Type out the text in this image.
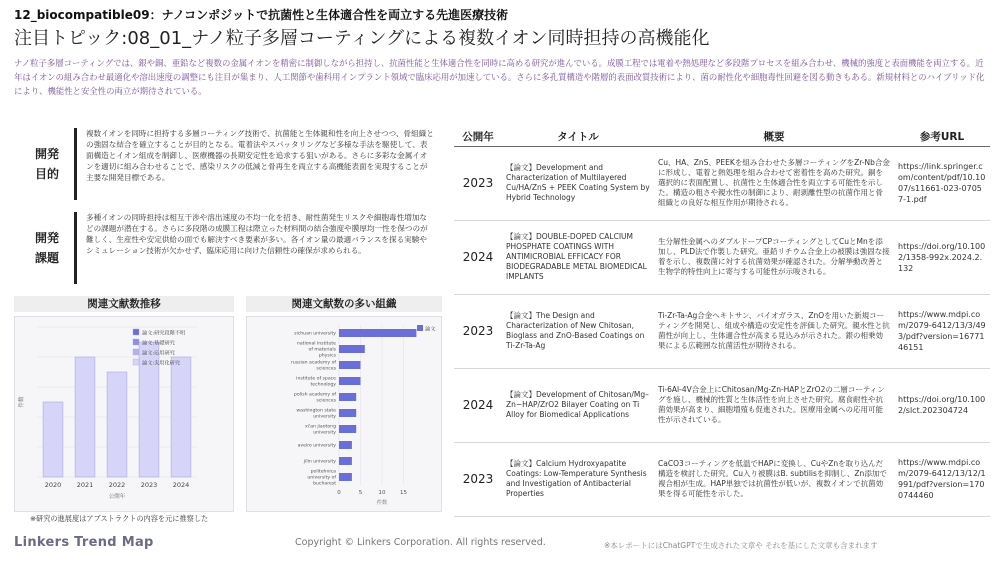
12_biocompatible09：ナノコンポジットで抗菌性と生体適合性を両立する先進医療技術
注目トピック:08_01_ナノ粒子多層コーティングによる複数イオン同時担持の高機能化
ナノ粒子多層コーティングでは、銀や銅、亜鉛など複数の金属イオンを精密に制御しながら担持し、抗菌性能と生体適合性を同時に高める研究が進んでいる。成膜工程では電着や熱処理など多段階プロセスを組み合わせ、機械的強度と表面機能を両立する。近年はイオンの組み合わせ最適化や溶出速度の調整にも注目が集まり、人工関節や歯科用インプラント領域で臨床応用が加速している。さらに多孔質構造や階層的表面改質技術により、菌の耐性化や細胞毒性回避を図る動きもある。新規材料とのハイブリッド化により、機能性と安全性の両立が期待されている。
開発
目的
複数イオンを同時に担持する多層コーティング技術で、抗菌能と生体親和性を向上させつつ、骨組織との強固な結合を確立することが目的となる。電着法やスパッタリングなど多様な手法を駆使して、表面構造とイオン組成を制御し、医療機器の長期安定性を追求する狙いがある。さらに多彩な金属イオンを適切に組み合わせることで、感染リスクの低減と骨再生を両立する高機能表面を実現することが主要な開発目標である。
開発
課題
多種イオンの同時担持は相互干渉や溶出速度の不均一化を招き、耐性菌発生リスクや細胞毒性増加などの課題が潜在する。さらに多段階の成膜工程は際立った材料間の結合強度や膜厚均一性を保つのが難しく、生産性や安定供給の面でも解決すべき要素が多い。各イオン量の最適バランスを探る実験やシミュレーション技術が欠かせず、臨床応用に向けた信頼性の確保が求められる。
関連文献数推移	関連文献数の多い組織
件数
2020 2021 2022 2023 2024
公開年
論文:研究段階不明
論文:基礎研究
論文:応用研究
論文:実用化研究
0	5	10	15
件数
sichuan university
national institute of materials physics
russian academy of sciences
institute of space technology
polish academy of sciences
washington state university
xi'an jiaotong university
aveiro university
jilin university
politehnica university of bucharest
論文
※研究の進展度はアブストラクトの内容を元に推察した
公開年	タイトル	概要	参考URL
2023	【論文】Development and Characterization of Multilayered Cu/HA/ZnS + PEEK Coating System by Hybrid Technology	Cu、HA、ZnS、PEEKを組み合わせた多層コーティングをZr-Nb合金に形成し、電着と熱処理を組み合わせて密着性を高めた研究。銅を選択的に表面配置し、抗菌性と生体適合性を両立する可能性を示した。構造の粗さや親水性の制御により、耐剥離性型の抗菌作用と骨組織との良好な相互作用が期待される。	https://link.springer.com/content/pdf/10.1007/s11661-023-07057-1.pdf
2024	【論文】DOUBLE-DOPED CALCIUM PHOSPHATE COATINGS WITH ANTIMICROBIAL EFFICACY FOR BIODEGRADABLE METAL BIOMEDICAL IMPLANTS	生分解性金属へのダブルドープCPコーティングとしてCuとMnを添加し、PLD法で作製した研究。亜鉛リチウム合金上の被膜は強固な接着を示し、複数菌に対する抗菌効果が確認された。分解挙動改善と生物学的特性向上に寄与する可能性が示唆される。	https://doi.org/10.1002/1358-992x.2024.2.132
2023	【論文】The Design and Characterization of New Chitosan, Bioglass and ZnO-Based Coatings on Ti-Zr-Ta-Ag	Ti-Zr-Ta-Ag合金へキトサン、バイオガラス、ZnOを用いた新規コーティングを開発し、組成や構造の安定性を評価した研究。親水性と抗菌性が向上し、生体適合性が高まる見込みが示された。銀の相乗効果による広範囲な抗菌活性が期待される。	https://www.mdpi.com/2079-6412/13/3/493/pdf?version=1677146151
2024	【論文】Development of Chitosan/Mg–Zn−HAP/ZrO2 Bilayer Coating on Ti Alloy for Biomedical Applications	Ti-6Al-4V合金上にChitosan/Mg-Zn-HAPとZrO2の二層コーティングを施し、機械的性質と生体活性を向上させた研究。腐食耐性や抗菌効果が高まり、細胞増殖も促進された。医療用金属への応用可能性が示されている。	https://doi.org/10.1002/slct.202304724
2023	【論文】Calcium Hydroxyapatite Coatings: Low-Temperature Synthesis and Investigation of Antibacterial Properties	CaCO3コーティングを低温でHAPに変換し、CuやZnを取り込んだ構造を検討した研究。Cu入り被膜はB. subtilisを抑制し、Zn添加で複合相が生成。HAP単独では抗菌性が低いが、複数イオンで抗菌効果を得る可能性を示した。	https://www.mdpi.com/2079-6412/13/12/1991/pdf?version=1700744460
Linkers Trend Map	Copyright © Linkers Corporation. All rights reserved.	※本レポートにはChatGPTで生成された文章や それを基にした文章も含まれます
